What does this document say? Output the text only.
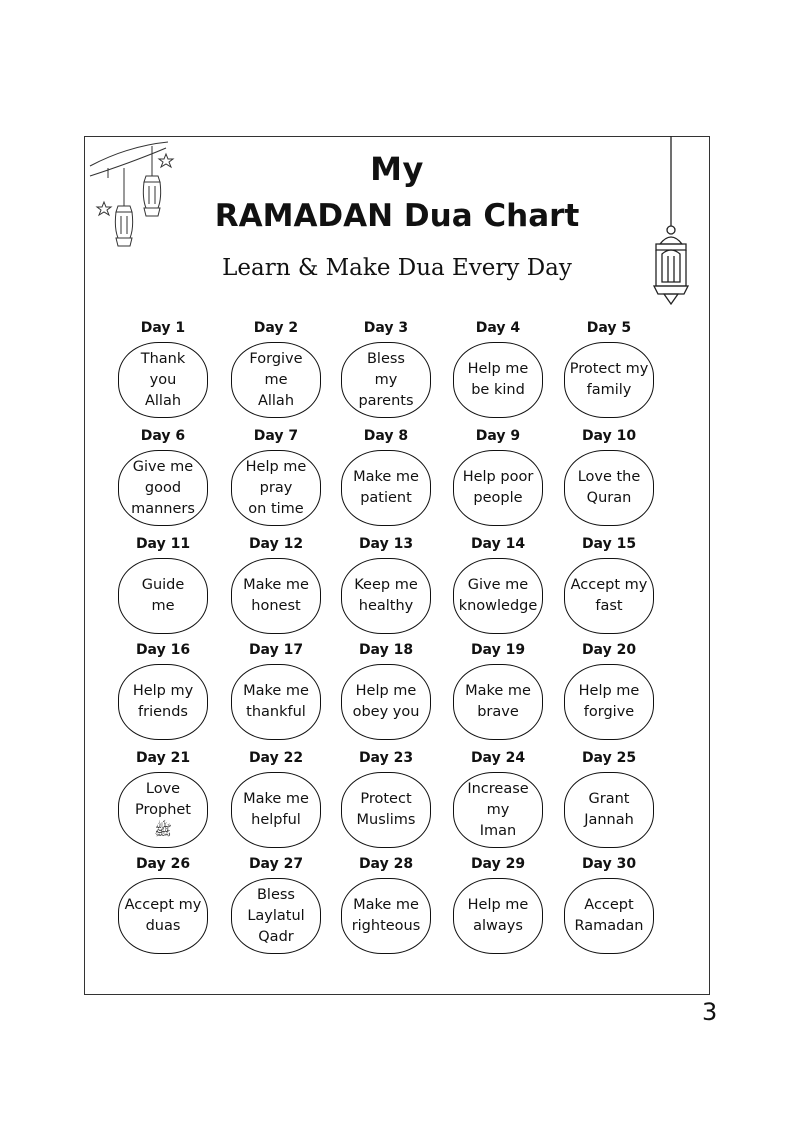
My
RAMADAN Dua Chart
Learn & Make Dua Every Day
Day 1
Thank
you
Allah
Day 2
Forgive
me
Allah
Day 3
Bless
my
parents
Day 4
Help me
be kind
Day 5
Protect my
family
Day 6
Give me
good
manners
Day 7
Help me
pray
on time
Day 8
Make me
patient
Day 9
Help poor
people
Day 10
Love the
Quran
Day 11
Guide
me
Day 12
Make me
honest
Day 13
Keep me
healthy
Day 14
Give me
knowledge
Day 15
Accept my
fast
Day 16
Help my
friends
Day 17
Make me
thankful
Day 18
Help me
obey you
Day 19
Make me
brave
Day 20
Help me
forgive
Day 21
Love
Prophet
ﷺ
Day 22
Make me
helpful
Day 23
Protect
Muslims
Day 24
Increase
my
Iman
Day 25
Grant
Jannah
Day 26
Accept my
duas
Day 27
Bless
Laylatul
Qadr
Day 28
Make me
righteous
Day 29
Help me
always
Day 30
Accept
Ramadan
3
